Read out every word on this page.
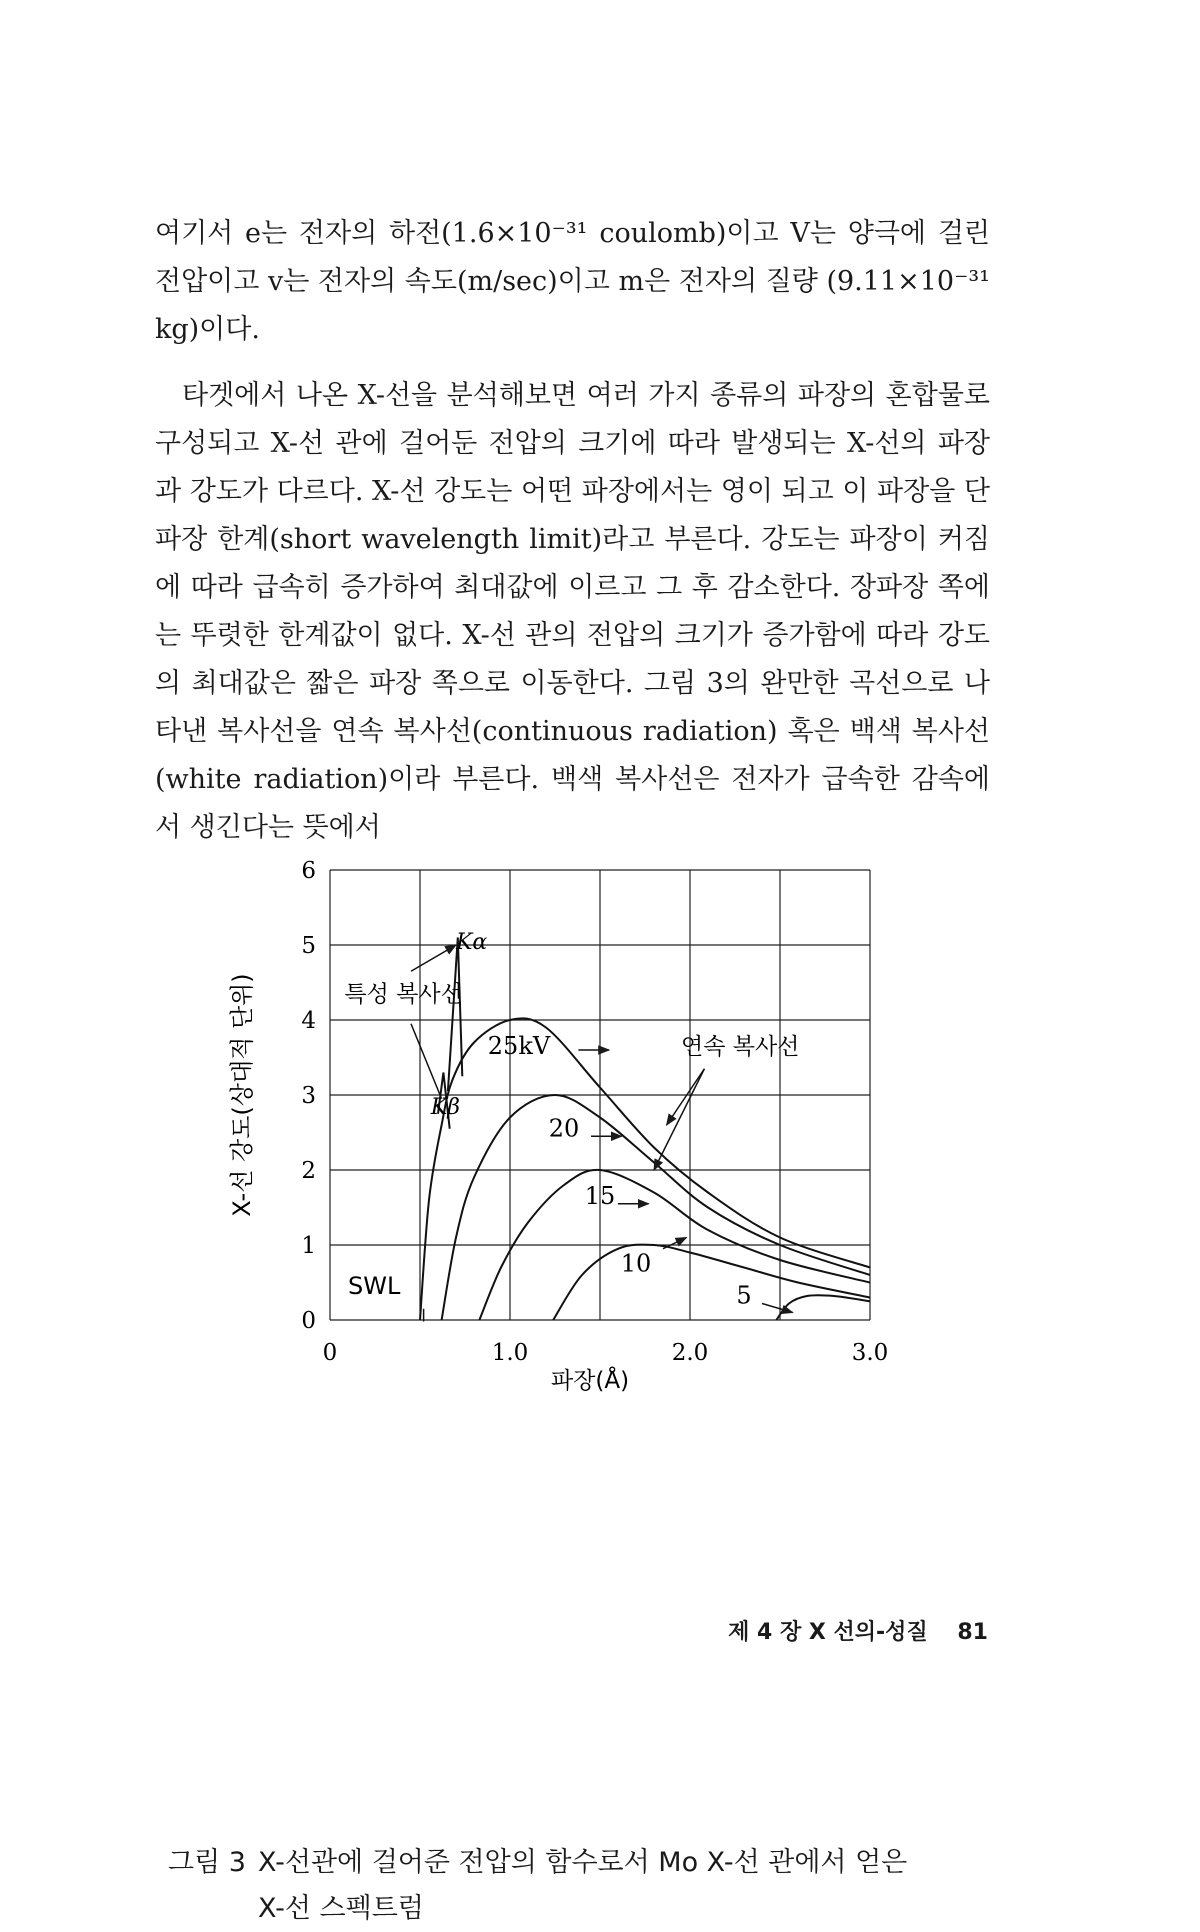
여기서 e는 전자의 하전(1.6×10⁻³¹ coulomb)이고 V는 양극에 걸린 전압이고 v는 전자의 속도(m/sec)이고 m은 전자의 질량 (9.11×10⁻³¹ kg)이다.

타겟에서 나온 X-선을 분석해보면 여러 가지 종류의 파장의 혼합물로 구성되고 X-선 관에 걸어둔 전압의 크기에 따라 발생되는 X-선의 파장과 강도가 다르다. X-선 강도는 어떤 파장에서는 영이 되고 이 파장을 단파장 한계(short wavelength limit)라고 부른다. 강도는 파장이 커짐에 따라 급속히 증가하여 최대값에 이르고 그 후 감소한다. 장파장 쪽에는 뚜렷한 한계값이 없다. X-선 관의 전압의 크기가 증가함에 따라 강도의 최대값은 짧은 파장 쪽으로 이동한다. 그림 3의 완만한 곡선으로 나타낸 복사선을 연속 복사선(continuous radiation) 혹은 백색 복사선(white radiation)이라 부른다. 백색 복사선은 전자가 급속한 감속에서 생긴다는 뜻에서

0	1.0	2.0	3.0
0
1
2
3
4
5
6
파장(Å)
X-선 강도(상대적 단위)	25kV
20
15
10
5
특성 복사선
연속 복사선
SWL
Kα
Kβ
그림 3 X-선관에 걸어준 전압의 함수로서 Mo X-선 관에서 얻은
X-선 스펙트럼
제 4 장 X 선의-성질 81
